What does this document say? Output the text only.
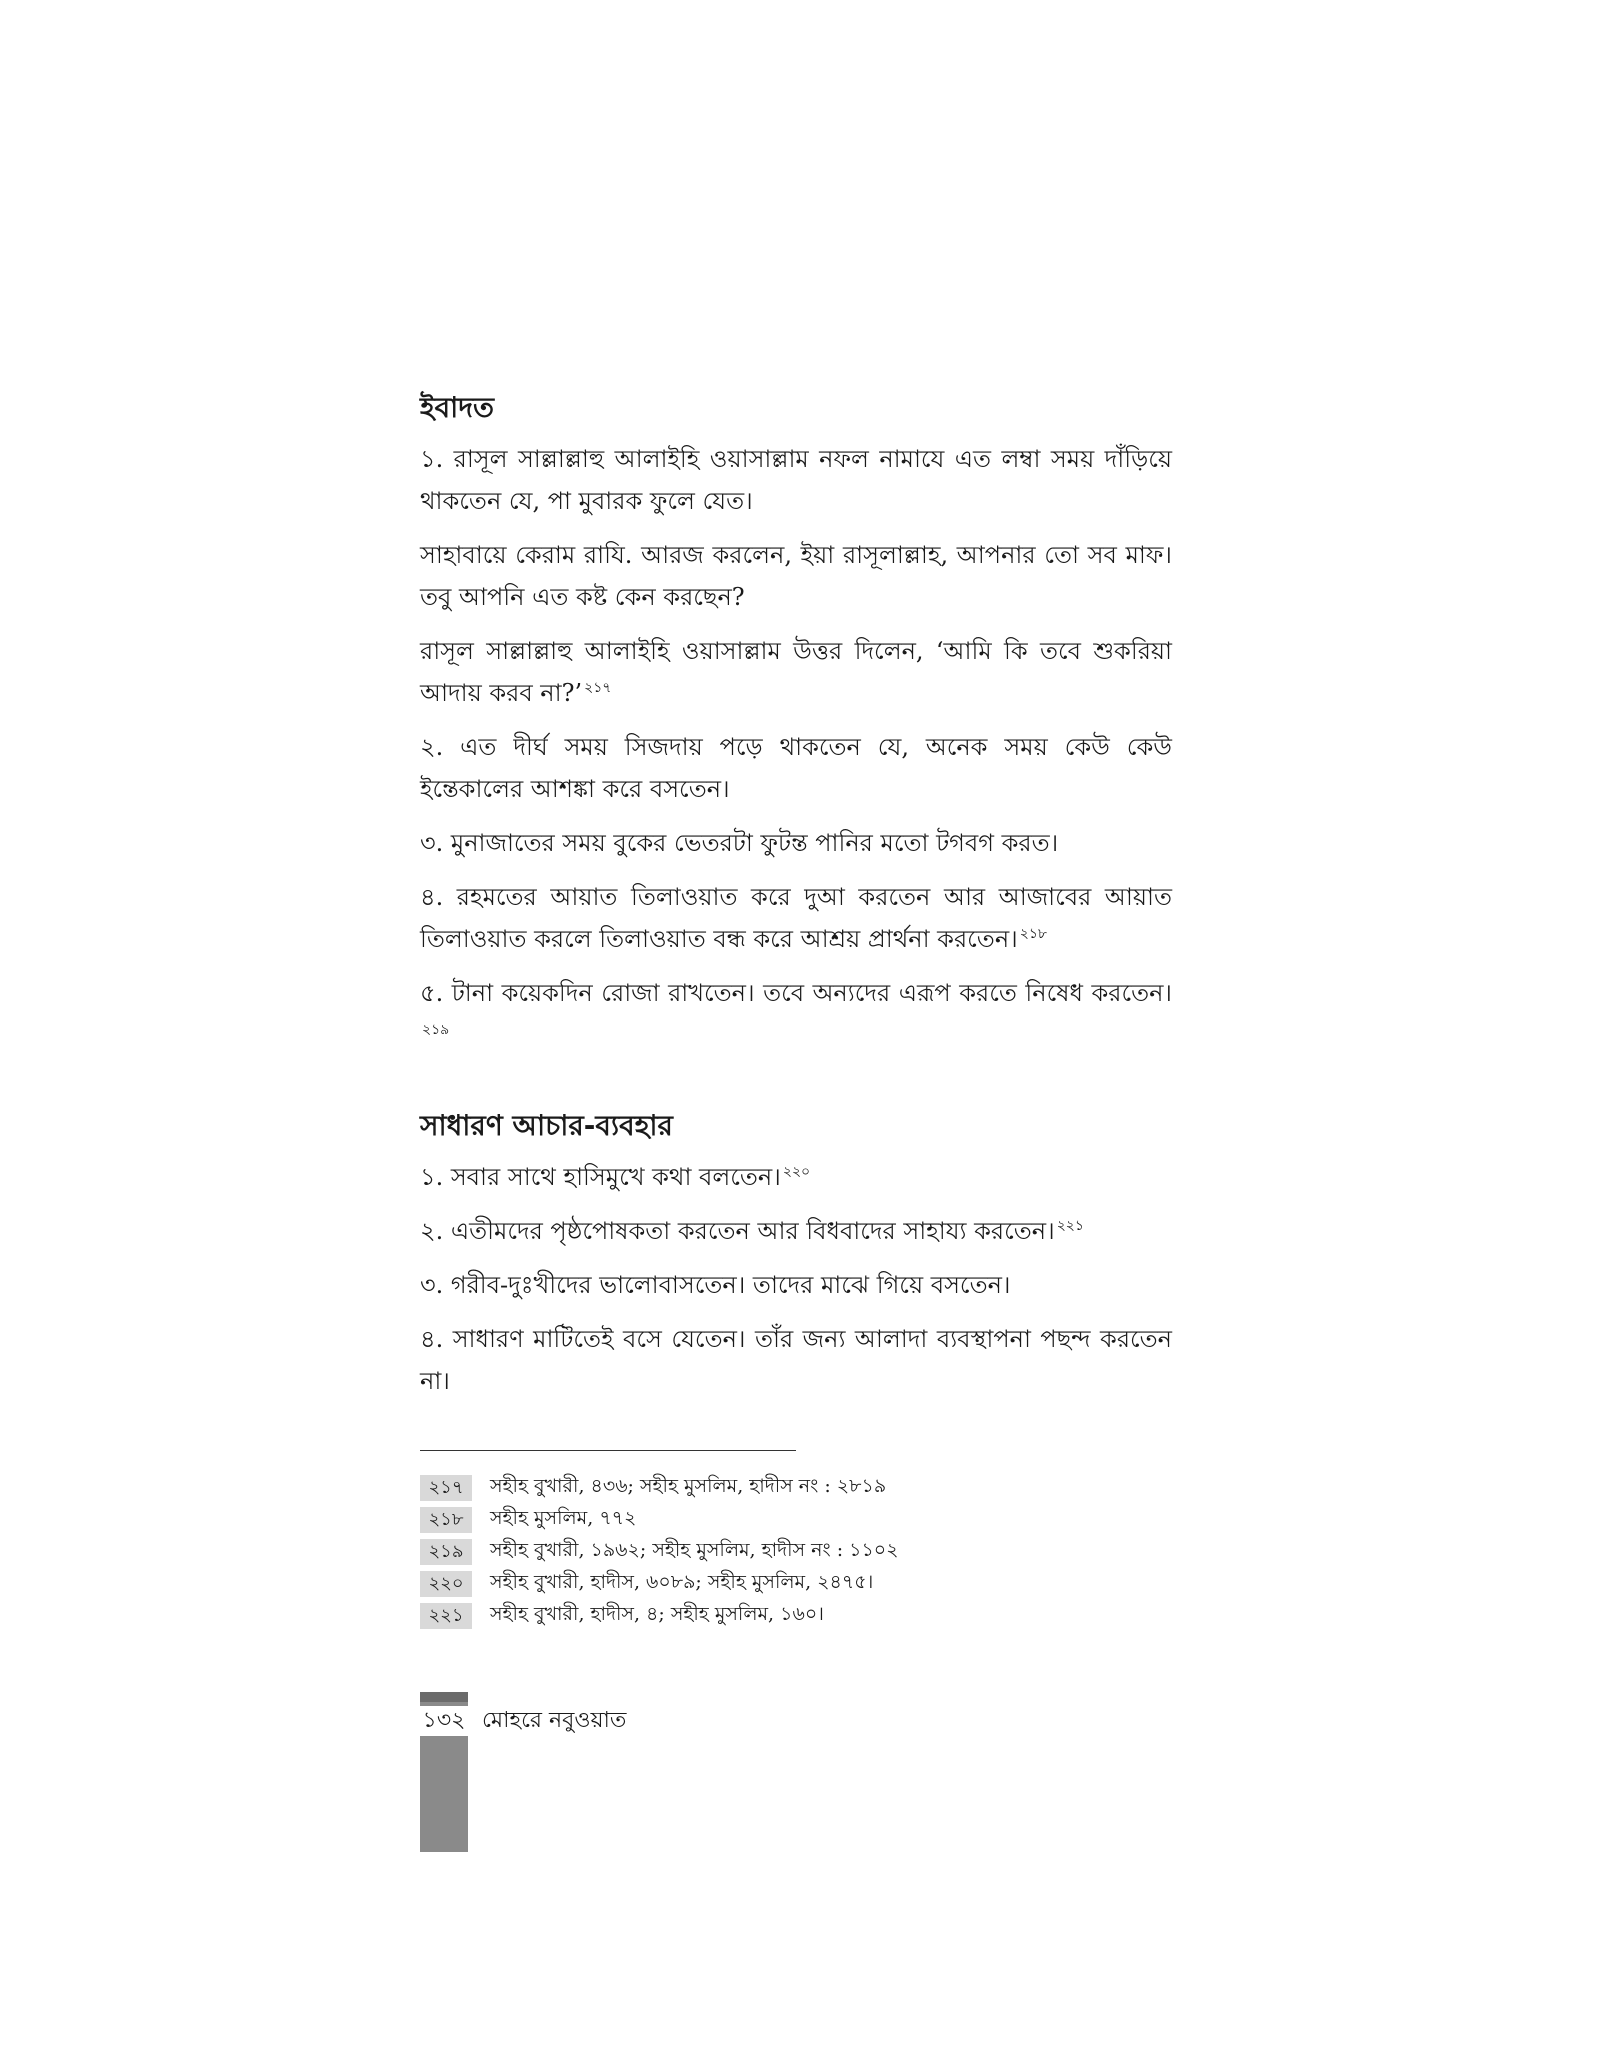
ইবাদত

১. রাসূল সাল্লাল্লাহু আলাইহি ওয়াসাল্লাম নফল নামাযে এত লম্বা সময় দাঁড়িয়ে থাকতেন যে, পা মুবারক ফুলে যেত।

সাহাবায়ে কেরাম রাযি. আরজ করলেন, ইয়া রাসূলাল্লাহ, আপনার তো সব মাফ। তবু আপনি এত কষ্ট কেন করছেন?

রাসূল সাল্লাল্লাহু আলাইহি ওয়াসাল্লাম উত্তর দিলেন, ‘আমি কি তবে শুকরিয়া আদায় করব না?’ $^{২১৭}$

২. এত দীর্ঘ সময় সিজদায় পড়ে থাকতেন যে, অনেক সময় কেউ কেউ ইন্তেকালের আশঙ্কা করে বসতেন।

৩. মুনাজাতের সময় বুকের ভেতরটা ফুটন্ত পানির মতো টগবগ করত।

৪. রহমতের আয়াত তিলাওয়াত করে দুআ করতেন আর আজাবের আয়াত তিলাওয়াত করলে তিলাওয়াত বন্ধ করে আশ্রয় প্রার্থনা করতেন। $^{২১৮}$

৫. টানা কয়েকদিন রোজা রাখতেন। তবে অন্যদের এরূপ করতে নিষেধ করতেন।$^{২১৯}$

সাধারণ আচার-ব্যবহার

১. সবার সাথে হাসিমুখে কথা বলতেন। $^{২২০}$

২. এতীমদের পৃষ্ঠপোষকতা করতেন আর বিধবাদের সাহায্য করতেন। $^{২২১}$

৩. গরীব-দুঃখীদের ভালোবাসতেন। তাদের মাঝে গিয়ে বসতেন।

৪. সাধারণ মাটিতেই বসে যেতেন। তাঁর জন্য আলাদা ব্যবস্থাপনা পছন্দ করতেন না।

২১৭	সহীহ বুখারী, ৪৩৬; সহীহ মুসলিম, হাদীস নং : ২৮১৯
২১৮	সহীহ মুসলিম, ৭৭২
২১৯	সহীহ বুখারী, ১৯৬২; সহীহ মুসলিম, হাদীস নং : ১১০২
২২০	সহীহ বুখারী, হাদীস, ৬০৮৯; সহীহ মুসলিম, ২৪৭৫।
২২১	সহীহ বুখারী, হাদীস, ৪; সহীহ মুসলিম, ১৬০।
১৩২ মোহরে নবুওয়াত
